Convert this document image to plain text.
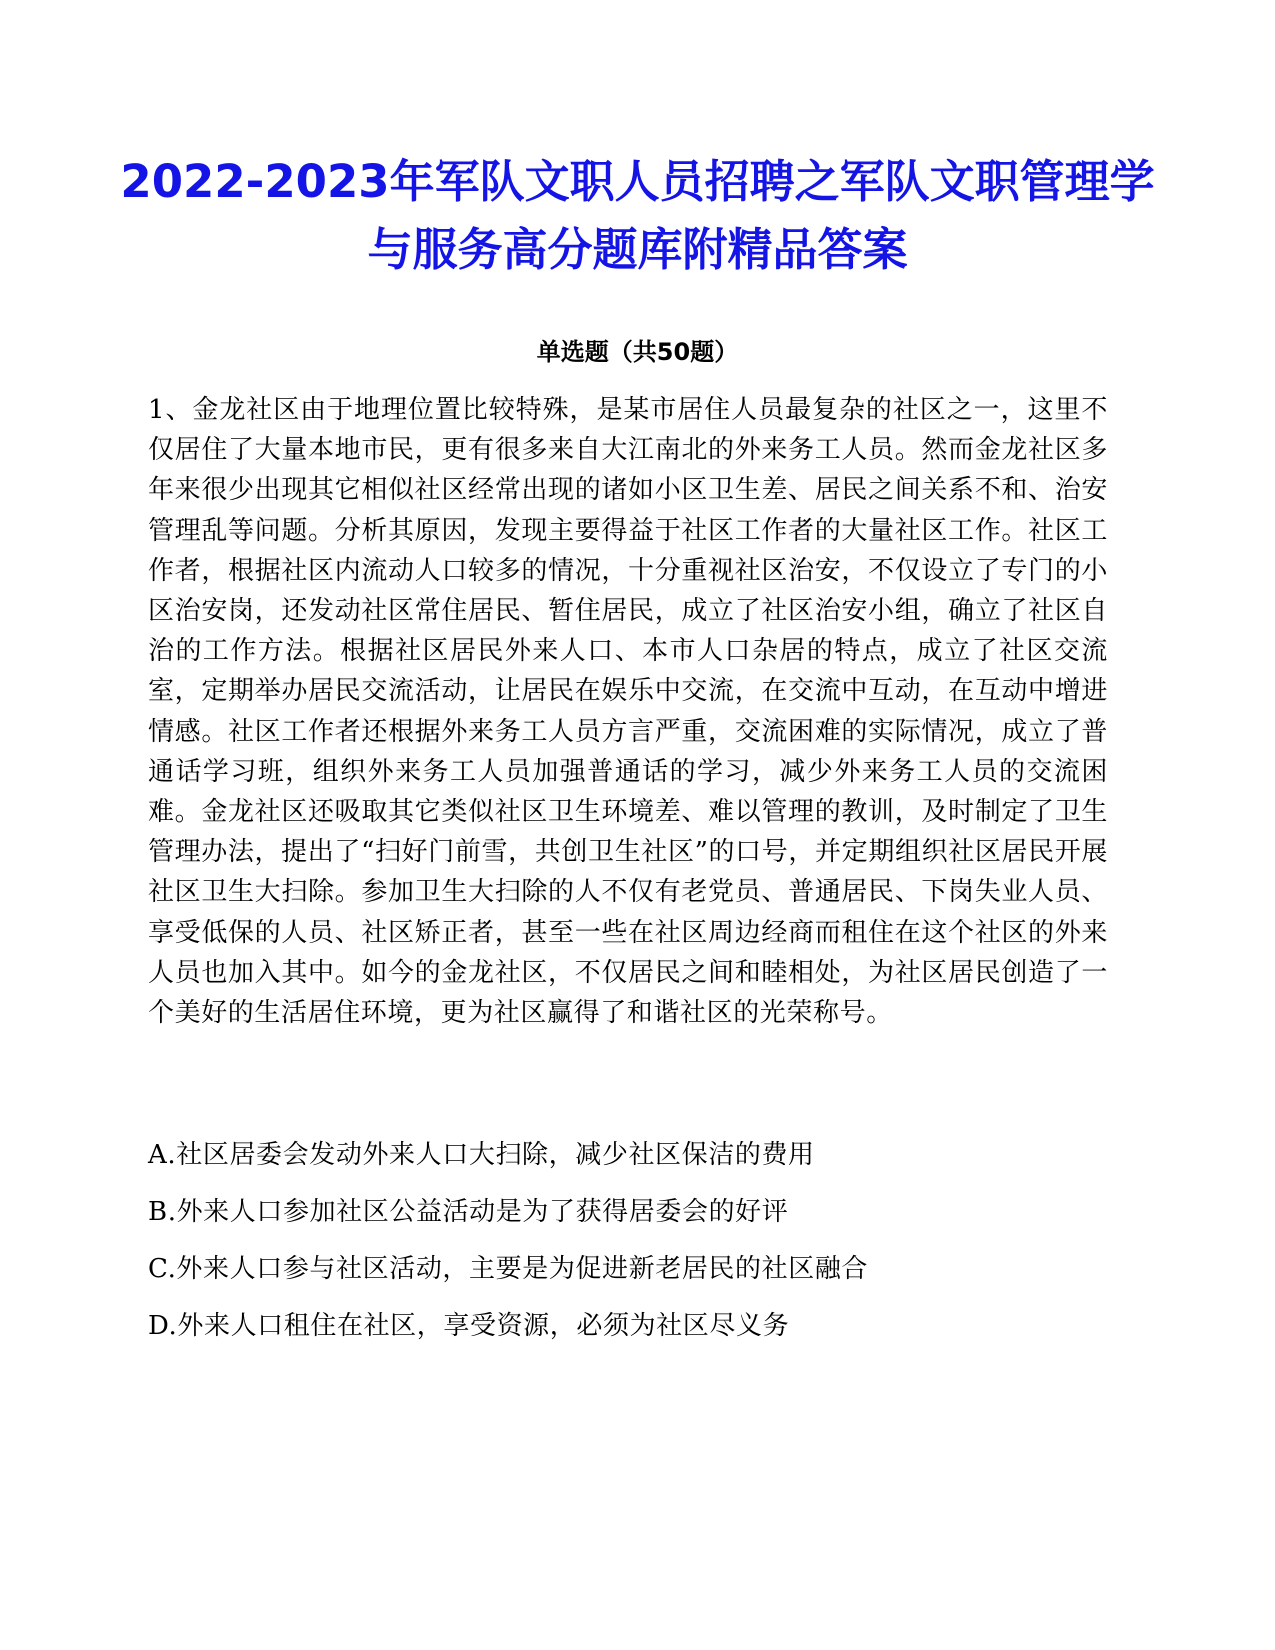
2022-2023年军队文职人员招聘之军队文职管理学与服务高分题库附精品答案
单选题（共50题）

1、金龙社区由于地理位置比较特殊，是某市居住人员最复杂的社区之一，这里不仅居住了大量本地市民，更有很多来自大江南北的外来务工人员。然而金龙社区多年来很少出现其它相似社区经常出现的诸如小区卫生差、居民之间关系不和、治安管理乱等问题。分析其原因，发现主要得益于社区工作者的大量社区工作。社区工作者，根据社区内流动人口较多的情况，十分重视社区治安，不仅设立了专门的小区治安岗，还发动社区常住居民、暂住居民，成立了社区治安小组，确立了社区自治的工作方法。根据社区居民外来人口、本市人口杂居的特点，成立了社区交流室，定期举办居民交流活动，让居民在娱乐中交流，在交流中互动，在互动中增进情感。社区工作者还根据外来务工人员方言严重，交流困难的实际情况，成立了普通话学习班，组织外来务工人员加强普通话的学习，减少外来务工人员的交流困难。金龙社区还吸取其它类似社区卫生环境差、难以管理的教训，及时制定了卫生管理办法，提出了“扫好门前雪，共创卫生社区”的口号，并定期组织社区居民开展社区卫生大扫除。参加卫生大扫除的人不仅有老党员、普通居民、下岗失业人员、享受低保的人员、社区矫正者，甚至一些在社区周边经商而租住在这个社区的外来人员也加入其中。如今的金龙社区，不仅居民之间和睦相处，为社区居民创造了一个美好的生活居住环境，更为社区赢得了和谐社区的光荣称号。

A.社区居委会发动外来人口大扫除，减少社区保洁的费用
B.外来人口参加社区公益活动是为了获得居委会的好评
C.外来人口参与社区活动，主要是为促进新老居民的社区融合
D.外来人口租住在社区，享受资源，必须为社区尽义务
